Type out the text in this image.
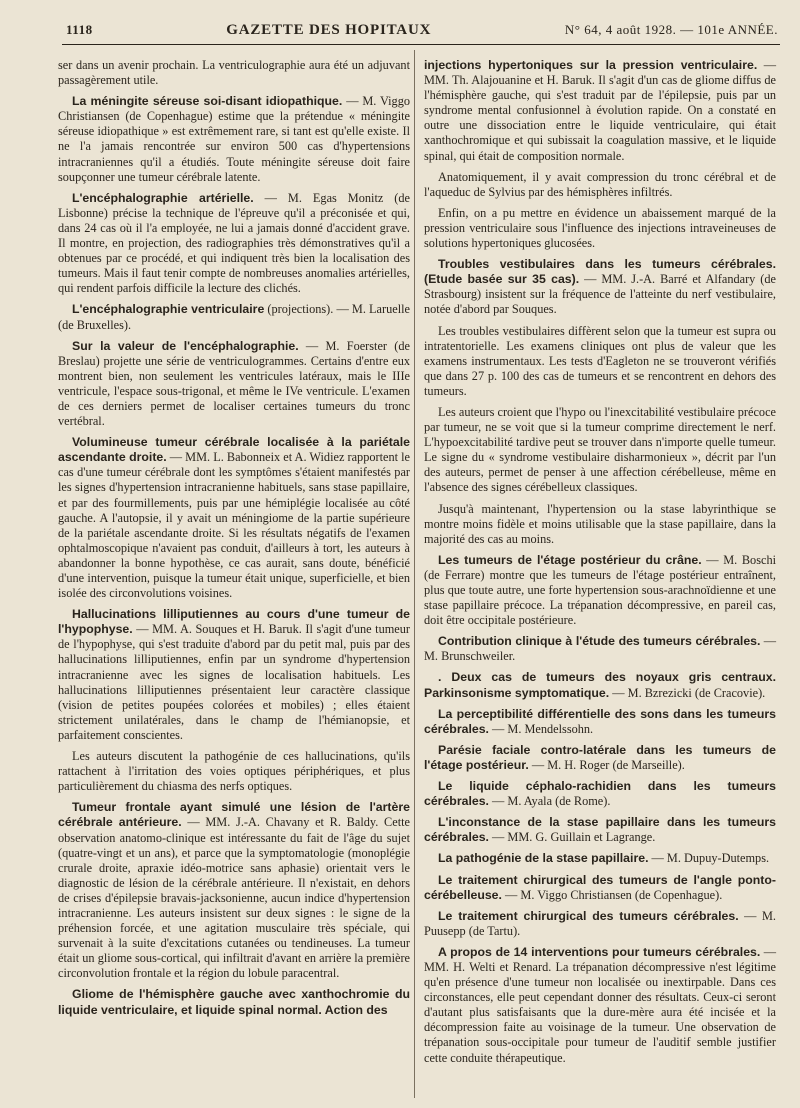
1118	GAZETTE DES HOPITAUX	N° 64, 4 août 1928. — 101e ANNÉE.

ser dans un avenir prochain. La ventriculographie aura été un adjuvant passagèrement utile.

La méningite séreuse soi-disant idiopathique. — M. Viggo Christiansen (de Copenhague) estime que la prétendue « méningite séreuse idiopathique » est extrêmement rare, si tant est qu'elle existe. Il ne l'a jamais rencontrée sur environ 500 cas d'hypertensions intracraniennes qu'il a étudiés. Toute méningite séreuse doit faire soupçonner une tumeur cérébrale latente.

L'encéphalographie artérielle. — M. Egas Monitz (de Lisbonne) précise la technique de l'épreuve qu'il a préconisée et qui, dans 24 cas où il l'a employée, ne lui a jamais donné d'accident grave. Il montre, en projection, des radiographies très démonstratives qu'il a obtenues par ce procédé, et qui indiquent très bien la localisation des tumeurs. Mais il faut tenir compte de nombreuses anomalies artérielles, qui rendent parfois difficile la lecture des clichés.

L'encéphalographie ventriculaire (projections). — M. Laruelle (de Bruxelles).

Sur la valeur de l'encéphalographie. — M. Foerster (de Breslau) projette une série de ventriculogrammes. Certains d'entre eux montrent bien, non seulement les ventricules latéraux, mais le IIIe ventricule, l'espace sous-trigonal, et même le IVe ventricule. L'examen de ces derniers permet de localiser certaines tumeurs du tronc vertébral.

Volumineuse tumeur cérébrale localisée à la pariétale ascendante droite. — MM. L. Babonneix et A. Widiez rapportent le cas d'une tumeur cérébrale dont les symptômes s'étaient manifestés par les signes d'hypertension intracranienne habituels, sans stase papillaire, et par des fourmillements, puis par une hémiplégie localisée au côté gauche. A l'autopsie, il y avait un méningiome de la partie supérieure de la pariétale ascendante droite. Si les résultats négatifs de l'examen ophtalmoscopique n'avaient pas conduit, d'ailleurs à tort, les auteurs à abandonner la bonne hypothèse, ce cas aurait, sans doute, bénéficié d'une intervention, puisque la tumeur était unique, superficielle, et bien isolée des circonvolutions voisines.

Hallucinations lilliputiennes au cours d'une tumeur de l'hypophyse. — MM. A. Souques et H. Baruk. Il s'agit d'une tumeur de l'hypophyse, qui s'est traduite d'abord par du petit mal, puis par des hallucinations lilliputiennes, enfin par un syndrome d'hypertension intracranienne avec les signes de localisation habituels. Les hallucinations lilliputiennes présentaient leur caractère classique (vision de petites poupées colorées et mobiles) ; elles étaient strictement unilatérales, dans le champ de l'hémianopsie, et parfaitement conscientes.

Les auteurs discutent la pathogénie de ces hallucinations, qu'ils rattachent à l'irritation des voies optiques périphériques, et plus particulièrement du chiasma des nerfs optiques.

Tumeur frontale ayant simulé une lésion de l'artère cérébrale antérieure. — MM. J.-A. Chavany et R. Baldy. Cette observation anatomo-clinique est intéressante du fait de l'âge du sujet (quatre-vingt et un ans), et parce que la symptomatologie (monoplégie crurale droite, apraxie idéo-motrice sans aphasie) orientait vers le diagnostic de lésion de la cérébrale antérieure. Il n'existait, en dehors de crises d'épilepsie bravais-jacksonienne, aucun indice d'hypertension intracranienne. Les auteurs insistent sur deux signes : le signe de la préhension forcée, et une agitation musculaire très spéciale, qui survenait à la suite d'excitations cutanées ou tendineuses. La tumeur était un gliome sous-cortical, qui infiltrait d'avant en arrière la première circonvolution frontale et la région du lobule paracentral.

Gliome de l'hémisphère gauche avec xanthochromie du liquide ventriculaire, et liquide spinal normal. Action des

injections hypertoniques sur la pression ventriculaire. — MM. Th. Alajouanine et H. Baruk. Il s'agit d'un cas de gliome diffus de l'hémisphère gauche, qui s'est traduit par de l'épilepsie, puis par un syndrome mental confusionnel à évolution rapide. On a constaté en outre une dissociation entre le liquide ventriculaire, qui était xanthochromique et qui subissait la coagulation massive, et le liquide spinal, qui était de composition normale.

Anatomiquement, il y avait compression du tronc cérébral et de l'aqueduc de Sylvius par des hémisphères infiltrés.

Enfin, on a pu mettre en évidence un abaissement marqué de la pression ventriculaire sous l'influence des injections intraveineuses de solutions hypertoniques glucosées.

Troubles vestibulaires dans les tumeurs cérébrales. (Etude basée sur 35 cas). — MM. J.-A. Barré et Alfandary (de Strasbourg) insistent sur la fréquence de l'atteinte du nerf vestibulaire, notée d'abord par Souques.

Les troubles vestibulaires diffèrent selon que la tumeur est supra ou intratentorielle. Les examens cliniques ont plus de valeur que les examens instrumentaux. Les tests d'Eagleton ne se trouveront vérifiés que dans 27 p. 100 des cas de tumeurs et se rencontrent en dehors des tumeurs.

Les auteurs croient que l'hypo ou l'inexcitabilité vestibulaire précoce par tumeur, ne se voit que si la tumeur comprime directement le nerf. L'hypoexcitabilité tardive peut se trouver dans n'importe quelle tumeur. Le signe du « syndrome vestibulaire disharmonieux », décrit par l'un des auteurs, permet de penser à une affection cérébelleuse, même en l'absence des signes cérébelleux classiques.

Jusqu'à maintenant, l'hypertension ou la stase labyrinthique se montre moins fidèle et moins utilisable que la stase papillaire, dans la majorité des cas au moins.

Les tumeurs de l'étage postérieur du crâne. — M. Boschi (de Ferrare) montre que les tumeurs de l'étage postérieur entraînent, plus que toute autre, une forte hypertension sous-arachnoïdienne et une stase papillaire précoce. La trépanation décompressive, en pareil cas, doit être occipitale postérieure.

Contribution clinique à l'étude des tumeurs cérébrales. — M. Brunschweiler.

. Deux cas de tumeurs des noyaux gris centraux. Parkinsonisme symptomatique. — M. Bzrezicki (de Cracovie).

La perceptibilité différentielle des sons dans les tumeurs cérébrales. — M. Mendelssohn.

Parésie faciale contro-latérale dans les tumeurs de l'étage postérieur. — M. H. Roger (de Marseille).

Le liquide céphalo-rachidien dans les tumeurs cérébrales. — M. Ayala (de Rome).

L'inconstance de la stase papillaire dans les tumeurs cérébrales. — MM. G. Guillain et Lagrange.

La pathogénie de la stase papillaire. — M. Dupuy-Dutemps.

Le traitement chirurgical des tumeurs de l'angle ponto-cérébelleuse. — M. Viggo Christiansen (de Copenhague).

Le traitement chirurgical des tumeurs cérébrales. — M. Puusepp (de Tartu).

A propos de 14 interventions pour tumeurs cérébrales. — MM. H. Welti et Renard. La trépanation décompressive n'est légitime qu'en présence d'une tumeur non localisée ou inextirpable. Dans ces circonstances, elle peut cependant donner des résultats. Ceux-ci seront d'autant plus satisfaisants que la dure-mère aura été incisée et la décompression faite au voisinage de la tumeur. Une observation de trépanation sous-occipitale pour tumeur de l'auditif semble justifier cette conduite thérapeutique.
